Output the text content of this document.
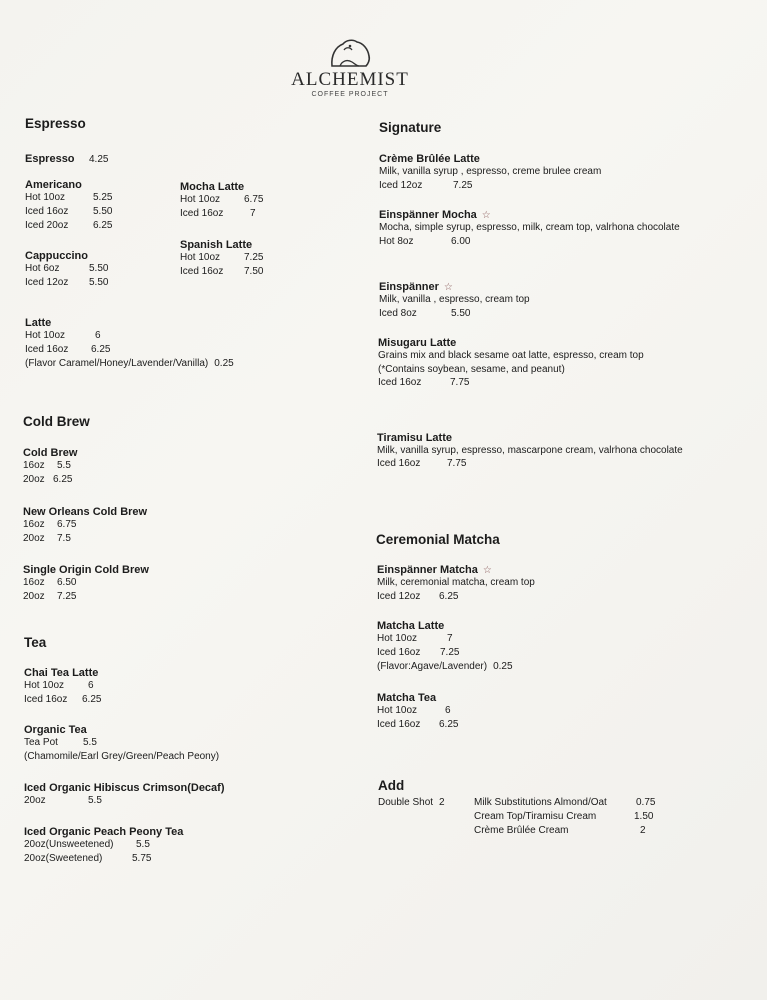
ALCHEMIST
COFFEE PROJECT
Espresso
Espresso 4.25
Americano
Hot 10oz	5.25
Iced 16oz 5.50
Iced 20oz 6.25
Mocha Latte
Hot 10oz 6.75
Iced 16oz	7
Spanish Latte
Hot 10oz 7.25
Iced 16oz 7.50
Cappuccino
Hot 6oz	5.50
Iced 12oz 5.50
Latte
Hot 10oz	6
Iced 16oz 6.25
(Flavor Caramel/Honey/Lavender/Vanilla) 0.25
Cold Brew
Cold Brew
16oz 5.5
20oz 6.25
New Orleans Cold Brew
16oz 6.75
20oz 7.5
Single Origin Cold Brew
16oz 6.50
20oz 7.25
Tea
Chai Tea Latte
Hot 10oz 6
Iced 16oz 6.25
Organic Tea
Tea Pot	5.5
(Chamomile/Earl Grey/Green/Peach Peony)
Iced Organic Hibiscus Crimson(Decaf)
20oz	5.5
Iced Organic Peach Peony Tea
20oz(Unsweetened) 5.5
20oz(Sweetened)	5.75
Signature
Crème Brûlée Latte
Milk, vanilla syrup , espresso, creme brulee cream
Iced 12oz	7.25
Einspänner Mocha ☆
Mocha, simple syrup, espresso, milk, cream top, valrhona chocolate
Hot 8oz	6.00
Einspänner ☆
Milk, vanilla , espresso, cream top
Iced 8oz	5.50
Misugaru Latte
Grains mix and black sesame oat latte, espresso, cream top
(*Contains soybean, sesame, and peanut)
Iced 16oz	7.75
Tiramisu Latte
Milk, vanilla syrup, espresso, mascarpone cream, valrhona chocolate
Iced 16oz	7.75
Ceremonial Matcha
Einspänner Matcha ☆
Milk, ceremonial matcha, cream top
Iced 12oz 6.25
Matcha Latte
Hot 10oz	7
Iced 16oz 7.25
(Flavor:Agave/Lavender) 0.25
Matcha Tea
Hot 10oz	6
Iced 16oz 6.25
Add
Double Shot 2	Milk Substitutions Almond/Oat	0.75
Cream Top/Tiramisu Cream	1.50
Crème Brûlée Cream	2
